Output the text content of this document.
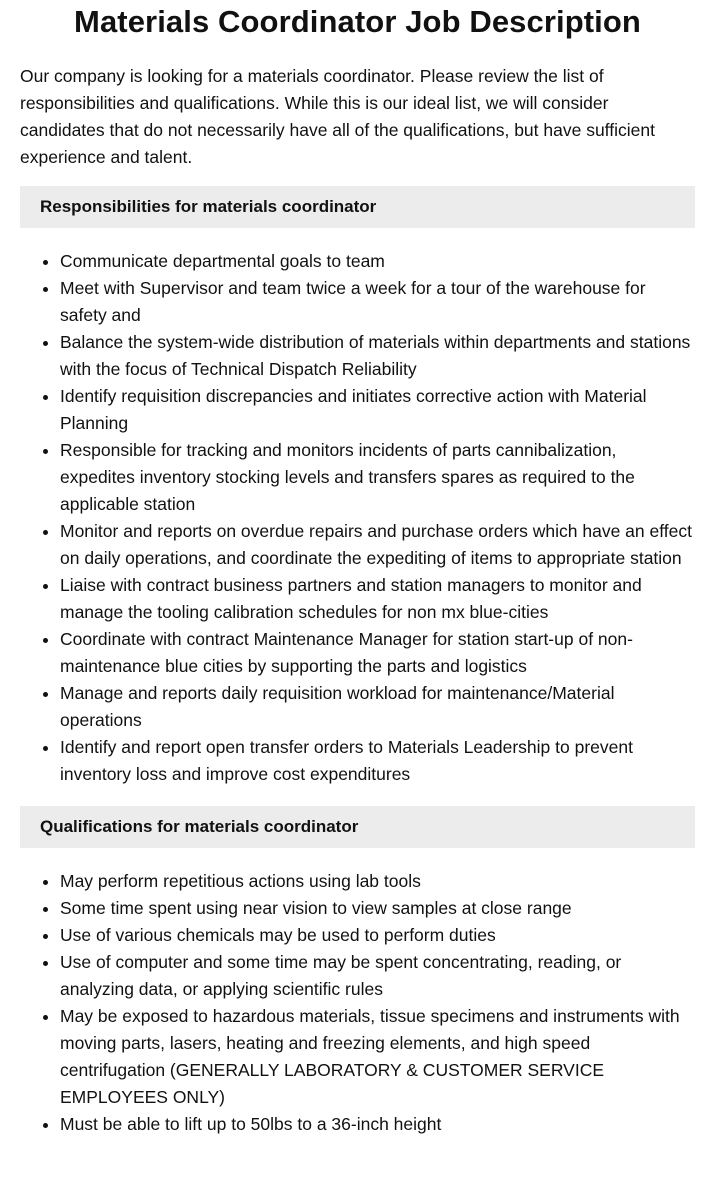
Materials Coordinator Job Description

Our company is looking for a materials coordinator. Please review the list of responsibilities and qualifications. While this is our ideal list, we will consider candidates that do not necessarily have all of the qualifications, but have sufficient experience and talent.

Responsibilities for materials coordinator
• Communicate departmental goals to team
• Meet with Supervisor and team twice a week for a tour of the warehouse for safety and
• Balance the system-wide distribution of materials within departments and stations with the focus of Technical Dispatch Reliability
• Identify requisition discrepancies and initiates corrective action with Material Planning
• Responsible for tracking and monitors incidents of parts cannibalization, expedites inventory stocking levels and transfers spares as required to the applicable station
• Monitor and reports on overdue repairs and purchase orders which have an effect on daily operations, and coordinate the expediting of items to appropriate station
• Liaise with contract business partners and station managers to monitor and manage the tooling calibration schedules for non mx blue-cities
• Coordinate with contract Maintenance Manager for station start-up of non-maintenance blue cities by supporting the parts and logistics
• Manage and reports daily requisition workload for maintenance/Material operations
• Identify and report open transfer orders to Materials Leadership to prevent inventory loss and improve cost expenditures
Qualifications for materials coordinator
• May perform repetitious actions using lab tools
• Some time spent using near vision to view samples at close range
• Use of various chemicals may be used to perform duties
• Use of computer and some time may be spent concentrating, reading, or analyzing data, or applying scientific rules
• May be exposed to hazardous materials, tissue specimens and instruments with moving parts, lasers, heating and freezing elements, and high speed centrifugation (GENERALLY LABORATORY & CUSTOMER SERVICE EMPLOYEES ONLY)
• Must be able to lift up to 50lbs to a 36-inch height
